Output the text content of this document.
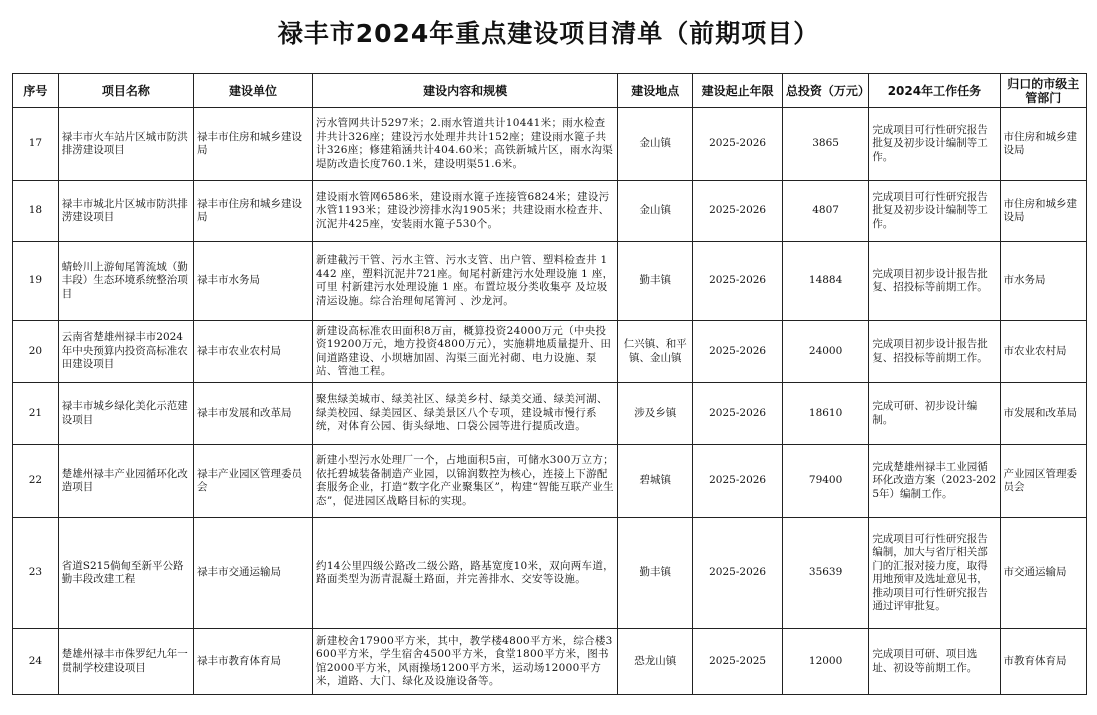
禄丰市2024年重点建设项目清单（前期项目）
序号	项目名称	建设单位	建设内容和规模	建设地点	建设起止年限	总投资（万元）	2024年工作任务	归口的市级主管部门
17	禄丰市火车站片区城市防洪排涝建设项目	禄丰市住房和城乡建设局	污水管网共计5297米；2.雨水管道共计10441米；雨水检查井共计326座；建设污水处理井共计152座；建设雨水篦子共计326座；修建箱涵共计404.60米；高铁新城片区，雨水沟渠堤防改造长度760.1米，建设明渠51.6米。	金山镇	2025-2026	3865	完成项目可行性研究报告批复及初步设计编制等工作。	市住房和城乡建设局
18	禄丰市城北片区城市防洪排涝建设项目	禄丰市住房和城乡建设局	建设雨水管网6586米，建设雨水篦子连接管6824米；建设污水管1193米；建设沙滂排水沟1905米；共建设雨水检查井、沉泥井425座，安装雨水篦子530个。	金山镇	2025-2026	4807	完成项目可行性研究报告批复及初步设计编制等工作。	市住房和城乡建设局
19	蜻蛉川上游甸尾箐流域（勤丰段）生态环境系统整治项目	禄丰市水务局	新建截污干管、污水主管、污水支管、出户管、塑料检查井 1442 座，塑料沉泥井721座。甸尾村新建污水处理设施 1 座，可里 村新建污水处理设施 1 座。布置垃圾分类收集亭 及垃圾清运设施。综合治理甸尾箐河 、沙龙河。	勤丰镇	2025-2026	14884	完成项目初步设计报告批复、招投标等前期工作。	市水务局
20	云南省楚雄州禄丰市2024年中央预算内投资高标准农田建设项目	禄丰市农业农村局	新建设高标准农田面积8万亩，概算投资24000万元（中央投资19200万元，地方投资4800万元），实施耕地质量提升、田间道路建设、小坝塘加固、沟渠三面光衬砌、电力设施、泵站、管池工程。	仁兴镇、和平镇、金山镇	2025-2026	24000	完成项目初步设计报告批复、招投标等前期工作。	市农业农村局
21	禄丰市城乡绿化美化示范建设项目	禄丰市发展和改革局	聚焦绿美城市、绿美社区、绿美乡村、绿美交通、绿美河湖、绿美校园、绿美园区、绿美景区八个专项，建设城市慢行系统，对体育公园、街头绿地、口袋公园等进行提质改造。	涉及乡镇	2025-2026	18610	完成可研、初步设计编制。	市发展和改革局
22	楚雄州禄丰产业园循环化改造项目	禄丰产业园区管理委员会	新建小型污水处理厂一个，占地面积5亩，可储水300万立方；依托碧城装备制造产业园，以锦润数控为核心，连接上下游配套服务企业，打造“数字化产业聚集区”，构建“智能互联产业生态”，促进园区战略目标的实现。	碧城镇	2025-2026	79400	完成楚雄州禄丰工业园循环化改造方案（2023-2025年）编制工作。	产业园区管理委员会
23	省道S215倘甸至新平公路勤丰段改建工程	禄丰市交通运输局	约14公里四级公路改二级公路，路基宽度10米，双向两车道，路面类型为沥青混凝土路面，并完善排水、交安等设施。	勤丰镇	2025-2026	35639	完成项目可行性研究报告编制，加大与省厅相关部门的汇报对接力度，取得用地预审及选址意见书，推动项目可行性研究报告通过评审批复。	市交通运输局
24	楚雄州禄丰市侏罗纪九年一贯制学校建设项目	禄丰市教育体育局	新建校舍17900平方米，其中，教学楼4800平方米，综合楼3600平方米，学生宿舍4500平方米，食堂1800平方米，图书馆2000平方米，风雨操场1200平方米，运动场12000平方米，道路、大门、绿化及设施设备等。	恐龙山镇	2025-2025	12000	完成项目可研、项目选址、初设等前期工作。	市教育体育局
